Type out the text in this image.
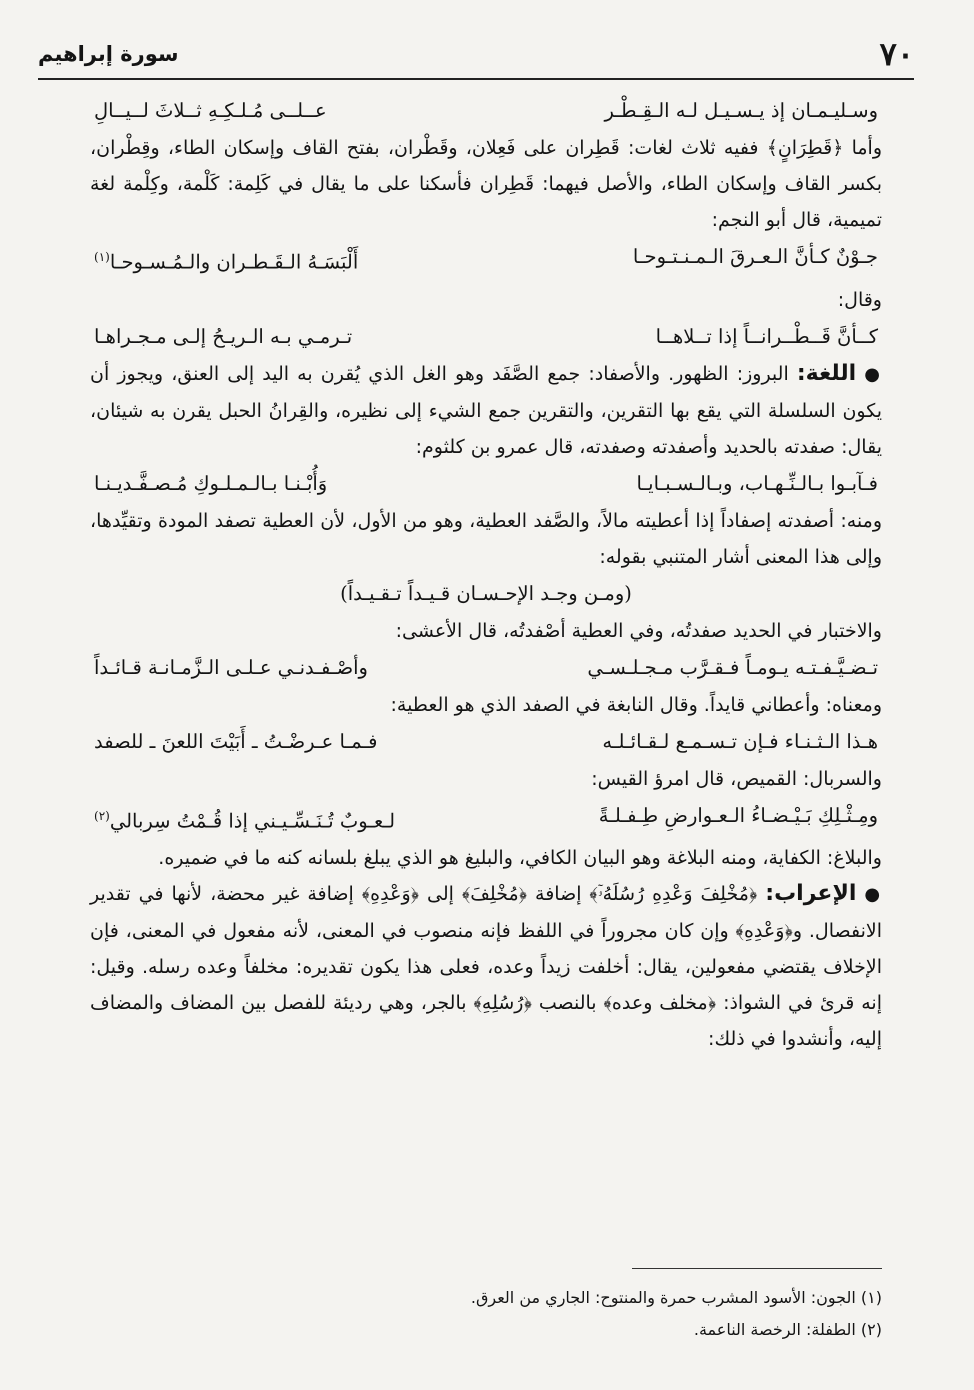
٧٠
سورة إبراهيم
وسـليـمـان إذ يـسـيـل لـه الـقِـطْـر
عــلــى مُـلـكِـهِ ثــلاثَ لــيــالِ

وأما ﴿قَطِرَانٍ﴾ ففيه ثلاث لغات: قَطِران على فَعِلان، وقَطْران، بفتح القاف وإسكان الطاء، وقِطْران، بكسر القاف وإسكان الطاء، والأصل فيهما: قَطِران فأسكنا على ما يقال في كَلِمة: كَلْمة، وكِلْمة لغة تميمية، قال أبو النجم:

جـوْنٌ كـأنَّ الـعـرقَ الـمـنـتـوحـا
أَلْبَسَـهُ الـقَـطـران والـمُـسـوحـا$^{(١)}$

وقال:

كــأنَّ قَــطْــرانــاً إذا تــلاهــا
تـرمـي بـه الـريـحُ إلـى مـجـراهـا

●اللغة: البروز: الظهور. والأصفاد: جمع الصَّفَد وهو الغل الذي يُقرن به اليد إلى العنق، ويجوز أن يكون السلسلة التي يقع بها التقرين، والتقرين جمع الشيء إلى نظيره، والقِرانُ الحبل يقرن به شيئان، يقال: صفدته بالحديد وأصفدته وصفدته، قال عمرو بن كلثوم:

فـآبـوا بـالـنِّـهـاب، وبـالـسـبـايـا
وَأُبْـنـا بـالـمـلـوكِ مُـصـفَّـديـنـا

ومنه: أصفدته إصفاداً إذا أعطيته مالاً، والصَّفد العطية، وهو من الأول، لأن العطية تصفد المودة وتقيِّدها، وإلى هذا المعنى أشار المتنبي بقوله:

(ومـن وجـد الإحـسـان قـيـداً تـقـيـداً)

والاختبار في الحديد صفدتُه، وفي العطية أصْفدتُه، قال الأعشى:

تـضـيَّـفـتـه يـومـاً فـقـرَّب مـجـلـسـي
وأصْـفـدنـي عـلـى الـزَّمـانـة قـائـداً

ومعناه: وأعطاني قايداً. وقال النابغة في الصفد الذي هو العطية:

هـذا الـثـنـاء فـإن تـسـمـع لـقـائـلـه
فـمـا عـرضْـتُ ـ أَبَيْتَ اللعنَ ـ للصفد

والسربال: القميص، قال امرؤ القيس:

ومِـثْـلِكِ بَـيْـضـاءُ الـعـوارضِ طِـفـلـةً
لـعـوبٌ تُـنَـسِّـيـني إذا قُـمْتُ سِربالي$^{(٢)}$

والبلاغ: الكفاية، ومنه البلاغة وهو البيان الكافي، والبليغ هو الذي يبلغ بلسانه كنه ما في ضميره.

●الإعراب: ﴿مُخْلِفَ وَعْدِهِ رُسُلَهُۥٓ﴾ إضافة ﴿مُخْلِفَ﴾ إلى ﴿وَعْدِهِ﴾ إضافة غير محضة، لأنها في تقدير الانفصال. و﴿وَعْدِهِ﴾ وإن كان مجروراً في اللفظ فإنه منصوب في المعنى، لأنه مفعول في المعنى، فإن الإخلاف يقتضي مفعولين، يقال: أخلفت زيداً وعده، فعلى هذا يكون تقديره: مخلفاً وعده رسله. وقيل: إنه قرئ في الشواذ: ﴿مخلف وعده﴾ بالنصب ﴿رُسُلِهِ﴾ بالجر، وهي رديئة للفصل بين المضاف والمضاف إليه، وأنشدوا في ذلك:

(١) الجون: الأسود المشرب حمرة والمنتوح: الجاري من العرق.

(٢) الطفلة: الرخصة الناعمة.
